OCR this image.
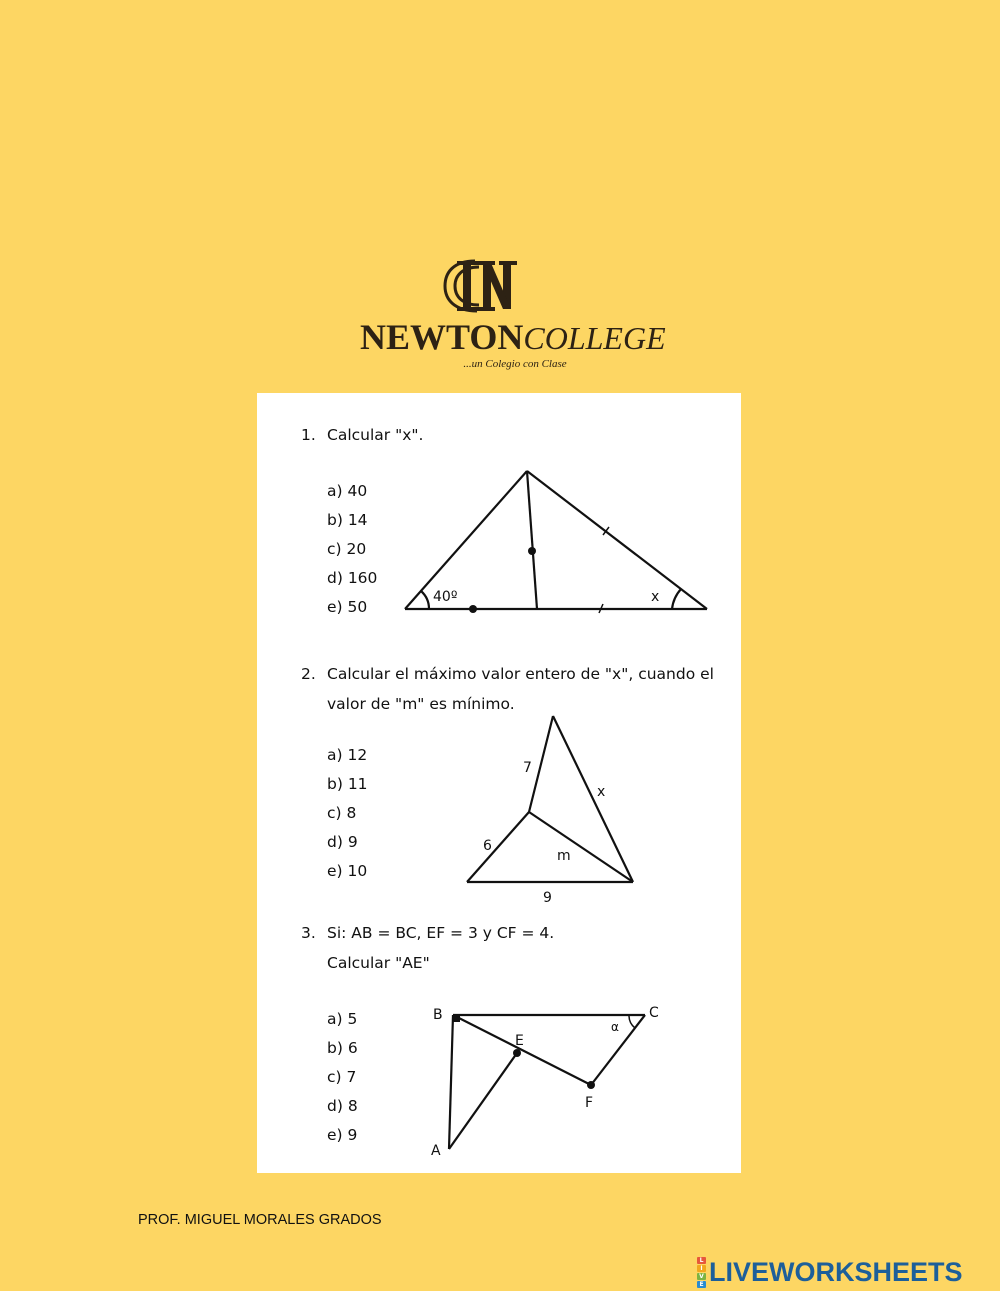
NEWTONCOLLEGE
...un Colegio con Clase
1. Calcular "x".
a) 40
b) 14
c) 20
d) 160
e) 50
40º	x
2. Calcular el máximo valor entero de "x", cuando el
valor de "m" es mínimo.
a) 12
b) 11
c) 8
d) 9
e) 10
7
x
6
m
9
3. Si: AB = BC, EF = 3 y CF = 4.
Calcular "AE"
a) 5
b) 6
c) 7
d) 8
e) 9
B	C
E
F
A
α
PROF. MIGUEL MORALES GRADOS
L
I
V
E LIVEWORKSHEETS
